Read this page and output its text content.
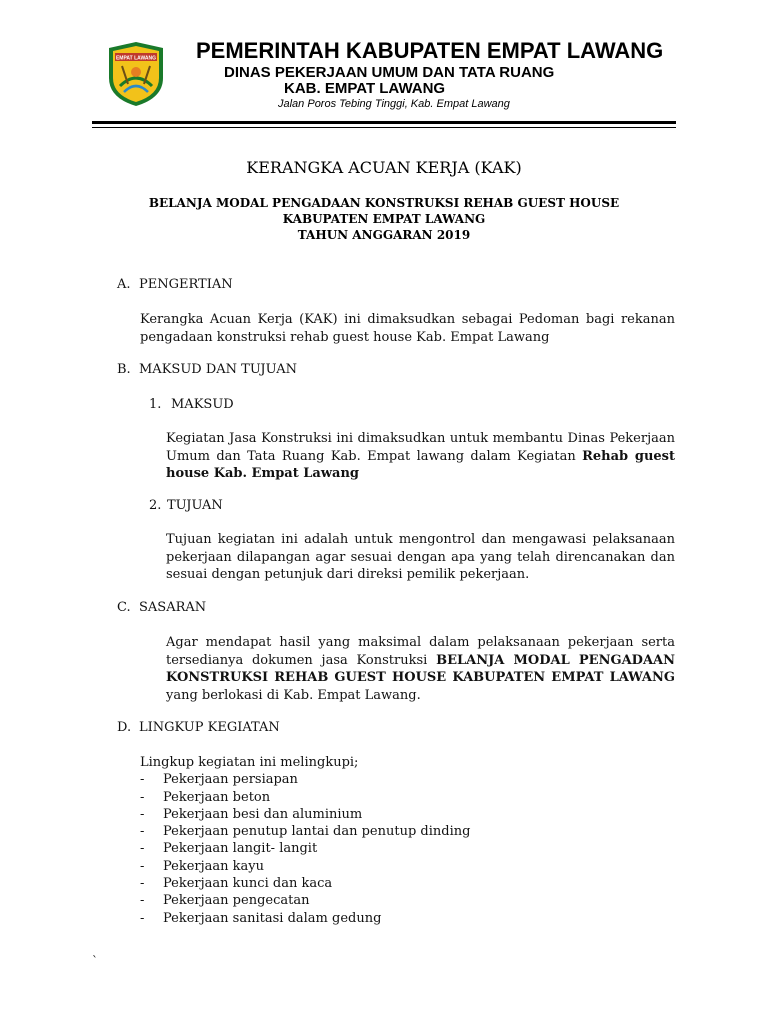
EMPAT LAWANG PEMERINTAH KABUPATEN EMPAT LAWANG
DINAS PEKERJAAN UMUM DAN TATA RUANG
KAB. EMPAT LAWANG
Jalan Poros Tebing Tinggi, Kab. Empat Lawang
KERANGKA ACUAN KERJA (KAK)
BELANJA MODAL PENGADAAN KONSTRUKSI REHAB GUEST HOUSE
KABUPATEN EMPAT LAWANG
TAHUN ANGGARAN 2019
A. PENGERTIAN

Kerangka Acuan Kerja (KAK) ini dimaksudkan sebagai Pedoman bagi rekanan pengadaan konstruksi rehab guest house Kab. Empat Lawang

B. MAKSUD DAN TUJUAN
1. MAKSUD

Kegiatan Jasa Konstruksi ini dimaksudkan untuk membantu Dinas Pekerjaan Umum dan Tata Ruang Kab. Empat lawang dalam Kegiatan Rehab guest house Kab. Empat Lawang

2. TUJUAN

Tujuan kegiatan ini adalah untuk mengontrol dan mengawasi pelaksanaan pekerjaan dilapangan agar sesuai dengan apa yang telah direncanakan dan sesuai dengan petunjuk dari direksi pemilik pekerjaan.

C. SASARAN

Agar mendapat hasil yang maksimal dalam pelaksanaan pekerjaan serta tersedianya dokumen jasa Konstruksi BELANJA MODAL PENGADAAN KONSTRUKSI REHAB GUEST HOUSE KABUPATEN EMPAT LAWANG yang berlokasi di Kab. Empat Lawang.

D. LINGKUP KEGIATAN

Lingkup kegiatan ini melingkupi;

- Pekerjaan persiapan
- Pekerjaan beton
- Pekerjaan besi dan aluminium
- Pekerjaan penutup lantai dan penutup dinding
- Pekerjaan langit- langit
- Pekerjaan kayu
- Pekerjaan kunci dan kaca
- Pekerjaan pengecatan
- Pekerjaan sanitasi dalam gedung
`
